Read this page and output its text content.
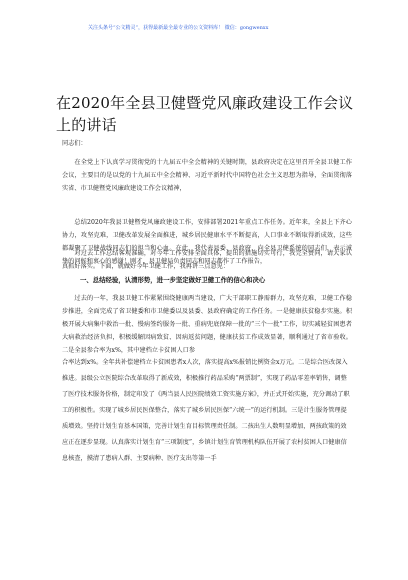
关注头条号“公文精灵”，获得最新最全最专业的公文资料库！ 微信：gongwenxx
在2020年全县卫健暨党风廉政建设工作会议上的讲话
同志们：
在全党上下认真学习贯彻党的十九届五中全会精神的关键时期，县政府决定在这里召开全县卫健工作会议，主要目的是以党的十九届五中全会精神、习近平新时代中国特色社会主义思想为指导，全面贯彻落实省、市卫健暨党风廉政建设工作会议精神，
总结2020年我县卫健暨党风廉政建设工作，安排部署2021年重点工作任务。近年来，全县上下齐心协力，攻坚克难，卫健改革发展全面推进，城乡居民健康水平不断提高，人口事业不断取得新成效，这些都凝聚了卫健战线同志们的担当和心血。在此，我代表县委、县政府，向全县卫健系统的同志们，表示诚挚的问候和衷心的感谢！刚才，县卫健局负责同志和同志都作了工作报告，
对过去工作总结客观准确，对今年工作安排全面具体，提出的措施切实可行，我完全赞同，请大家认真抓好落实。下面，就做好今年卫健工作，我再讲三点意见：
一、总结经验，认清形势，进一步坚定做好卫健工作的信心和决心
过去的一年，我县卫健工作紧紧围绕健康两当建设，广大干部职工静需群力，攻坚克难，卫健工作稳步推进，全面完成了省卫健委和市卫健委以及县委、县政府确定的工作任务。一是健康扶贫稳步实施。积极开展大病集中救治一批、慢病签约服务一批、重病兜底保障一批的“三个一批”工作，切实减轻贫困患者大病救治经济负担，积极缓解因病致贫、因病返贫问题，健康扶贫工作成效显著，顺利通过了省市验收。二是全县参合率为x%，其中建档立卡贫困人口参
合率达到x%。全年共补偿建档立卡贫困患者x人次，落实提高x%报销比例资金x万元。二是综合医改深入推进。县级公立医院综合改革取得了新成效，积极推行药品采购“两票制”，实现了药品零差率销售，调整了医疗技术服务价格，制定印发了《两当县人民医院绩效工资实施方案》，并正式开始实施，充分调动了职工的积极性。实现了城乡居民医保整合，落实了城乡居民医保“六统一”的运行机制。三是计生服务管理提质增效。坚持计划生育基本国策，完善计划生育目标管理责任制。二孩出生人数明显增加，两孩政策的效应正在逐步显现。认真落实计划生育“三项制度”，乡镇计划生育管理机构队伍开展了农村贫困人口健康信息核查，摸清了患病人群、主要病种、医疗支出等第一手
